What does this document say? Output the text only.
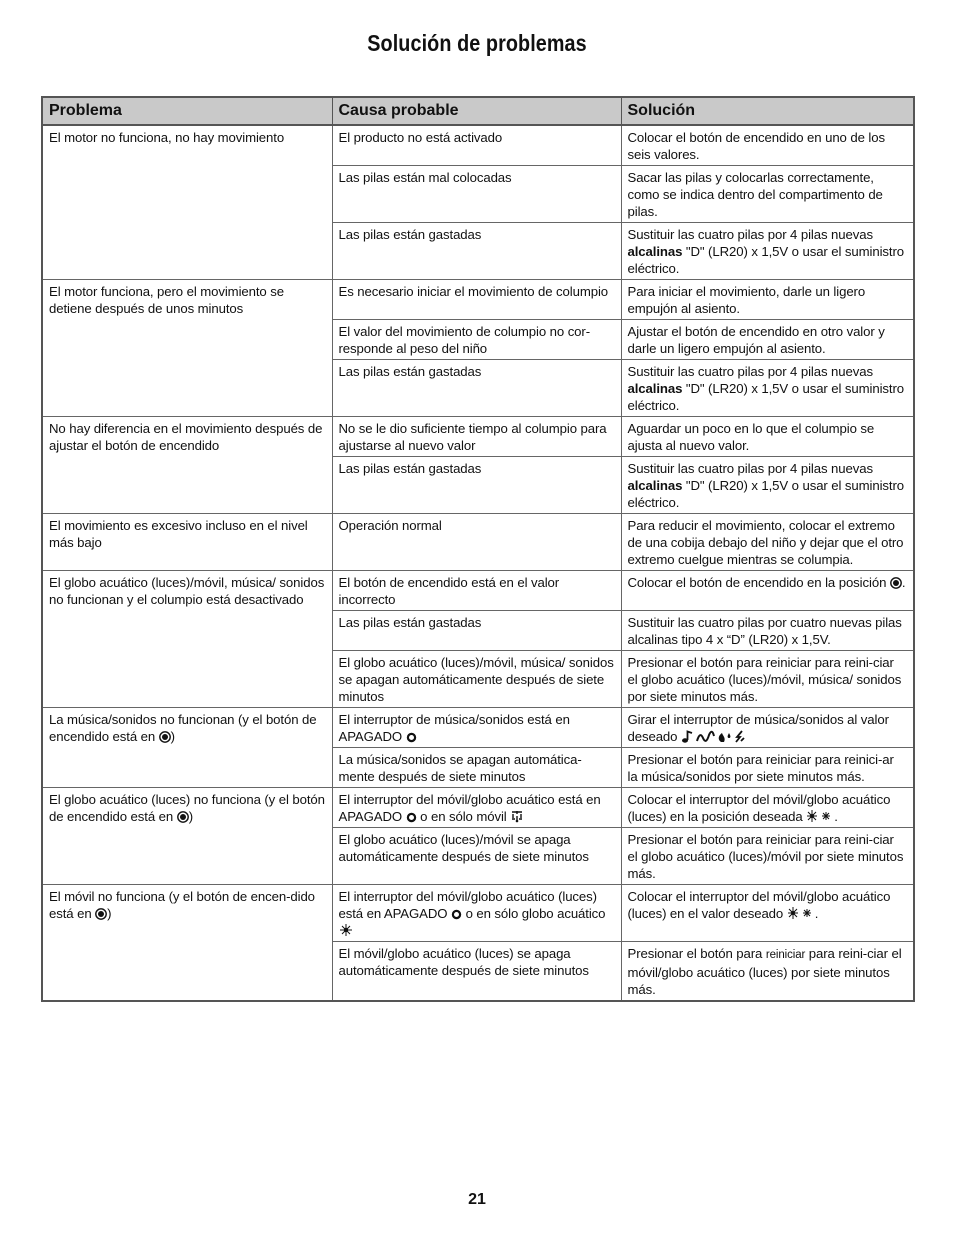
Solución de problemas
Problema	Causa probable	Solución
El motor no funciona, no hay movimiento	El producto no está activado	Colocar el botón de encendido en uno de los seis valores.
	Las pilas están mal colocadas	Sacar las pilas y colocarlas correctamente, como se indica dentro del compartimento de pilas.
	Las pilas están gastadas	Sustituir las cuatro pilas por 4 pilas nuevas alcalinas "D" (LR20) x 1,5V o usar el suministro eléctrico.
El motor funciona, pero el movimiento se detiene después de unos minutos	Es necesario iniciar el movimiento de columpio	Para iniciar el movimiento, darle un ligero empujón al asiento.
	El valor del movimiento de columpio no cor-responde al peso del niño	Ajustar el botón de encendido en otro valor y darle un ligero empujón al asiento.
	Las pilas están gastadas	Sustituir las cuatro pilas por 4 pilas nuevas alcalinas "D" (LR20) x 1,5V o usar el suministro eléctrico.
No hay diferencia en el movimiento después de ajustar el botón de encendido	No se le dio suficiente tiempo al columpio para ajustarse al nuevo valor	Aguardar un poco en lo que el columpio se ajusta al nuevo valor.
	Las pilas están gastadas	Sustituir las cuatro pilas por 4 pilas nuevas alcalinas "D" (LR20) x 1,5V o usar el suministro eléctrico.
El movimiento es excesivo incluso en el nivel más bajo	Operación normal	Para reducir el movimiento, colocar el extremo de una cobija debajo del niño y dejar que el otro extremo cuelgue mientras se columpia.
El globo acuático (luces)/móvil, música/ sonidos no funcionan y el columpio está desactivado	El botón de encendido está en el valor incorrecto	Colocar el botón de encendido en la posición .
	Las pilas están gastadas	Sustituir las cuatro pilas por cuatro nuevas pilas alcalinas tipo 4 x “D” (LR20) x 1,5V.
	El globo acuático (luces)/móvil, música/ sonidos se apagan automáticamente después de siete minutos	Presionar el botón para reiniciar para reini-ciar el globo acuático (luces)/móvil, música/ sonidos por siete minutos más.
La música/sonidos no funcionan (y el botón de encendido está en )	El interruptor de música/sonidos está en APAGADO	Girar el interruptor de música/sonidos al valor deseado
	La música/sonidos se apagan automática-mente después de siete minutos	Presionar el botón para reiniciar para reinici-ar la música/sonidos por siete minutos más.
El globo acuático (luces) no funciona (y el botón de encendido está en )	El interruptor del móvil/globo acuático está en APAGADO  o en sólo móvil	Colocar el interruptor del móvil/globo acuático (luces) en la posición deseada .
	El globo acuático (luces)/móvil se apaga automáticamente después de siete minutos	Presionar el botón para reiniciar para reini-ciar el globo acuático (luces)/móvil por siete minutos más.
El móvil no funciona (y el botón de encen-dido está en )	El interruptor del móvil/globo acuático (luces) está en APAGADO  o en sólo globo acuático	Colocar el interruptor del móvil/globo acuático (luces) en el valor deseado .
	El móvil/globo acuático (luces) se apaga automáticamente después de siete minutos	Presionar el botón para reiniciar para reini-ciar el móvil/globo acuático (luces) por siete minutos más.
21
